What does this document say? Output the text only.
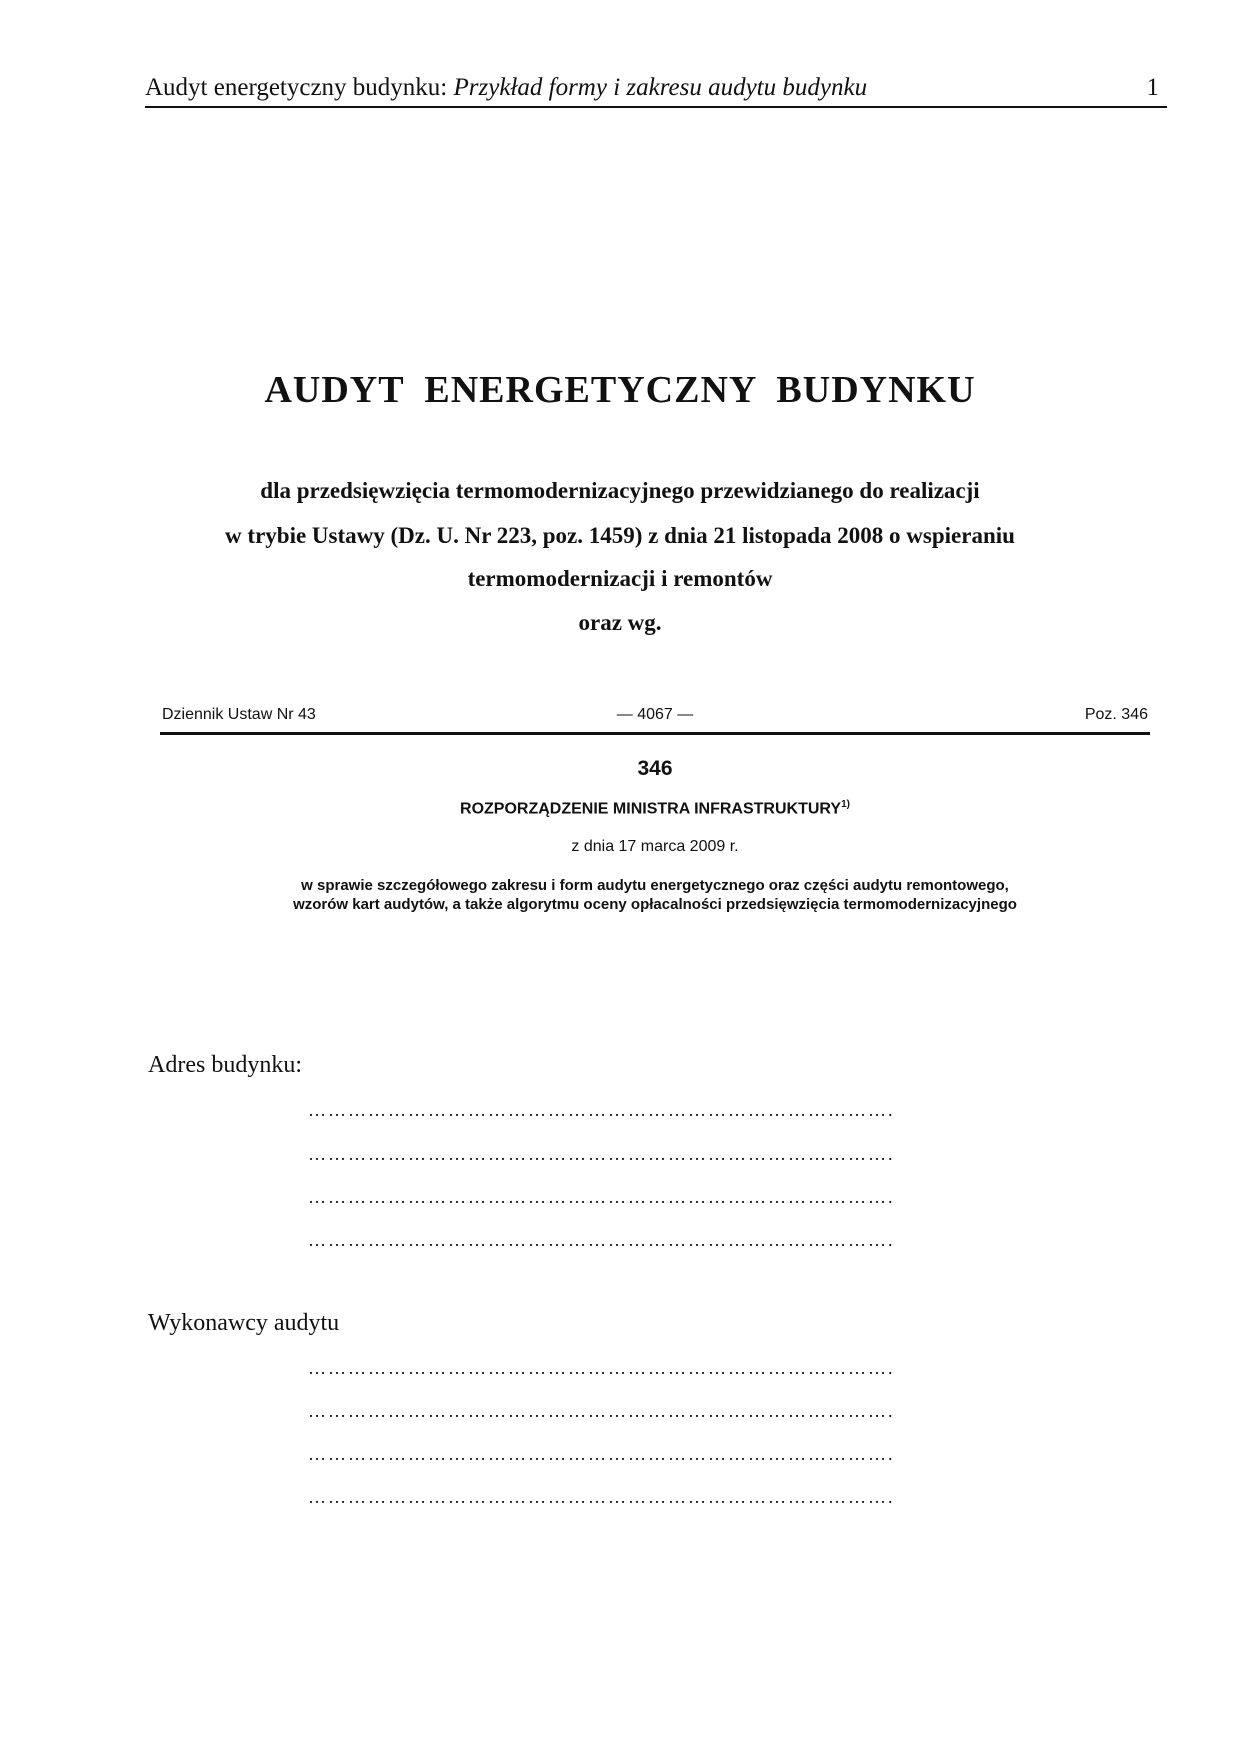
Audyt energetyczny budynku: Przykład formy i zakresu audytu budynku	1
AUDYT ENERGETYCZNY BUDYNKU
dla przedsięwzięcia termomodernizacyjnego przewidzianego do realizacji
w trybie Ustawy (Dz. U. Nr 223, poz. 1459) z dnia 21 listopada 2008 o wspieraniu
termomodernizacji i remontów
oraz wg.
Dziennik Ustaw Nr 43	— 4067 —	Poz. 346
346
ROZPORZĄDZENIE MINISTRA INFRASTRUKTURY$^{1)}$
z dnia 17 marca 2009 r.
w sprawie szczegółowego zakresu i form audytu energetycznego oraz części audytu remontowego,
wzorów kart audytów, a także algorytmu oceny opłacalności przedsięwzięcia termomodernizacyjnego
Adres budynku:
…………………………………………………………………………….
…………………………………………………………………………….
…………………………………………………………………………….
…………………………………………………………………………….
Wykonawcy audytu
…………………………………………………………………………….
…………………………………………………………………………….
…………………………………………………………………………….
…………………………………………………………………………….
